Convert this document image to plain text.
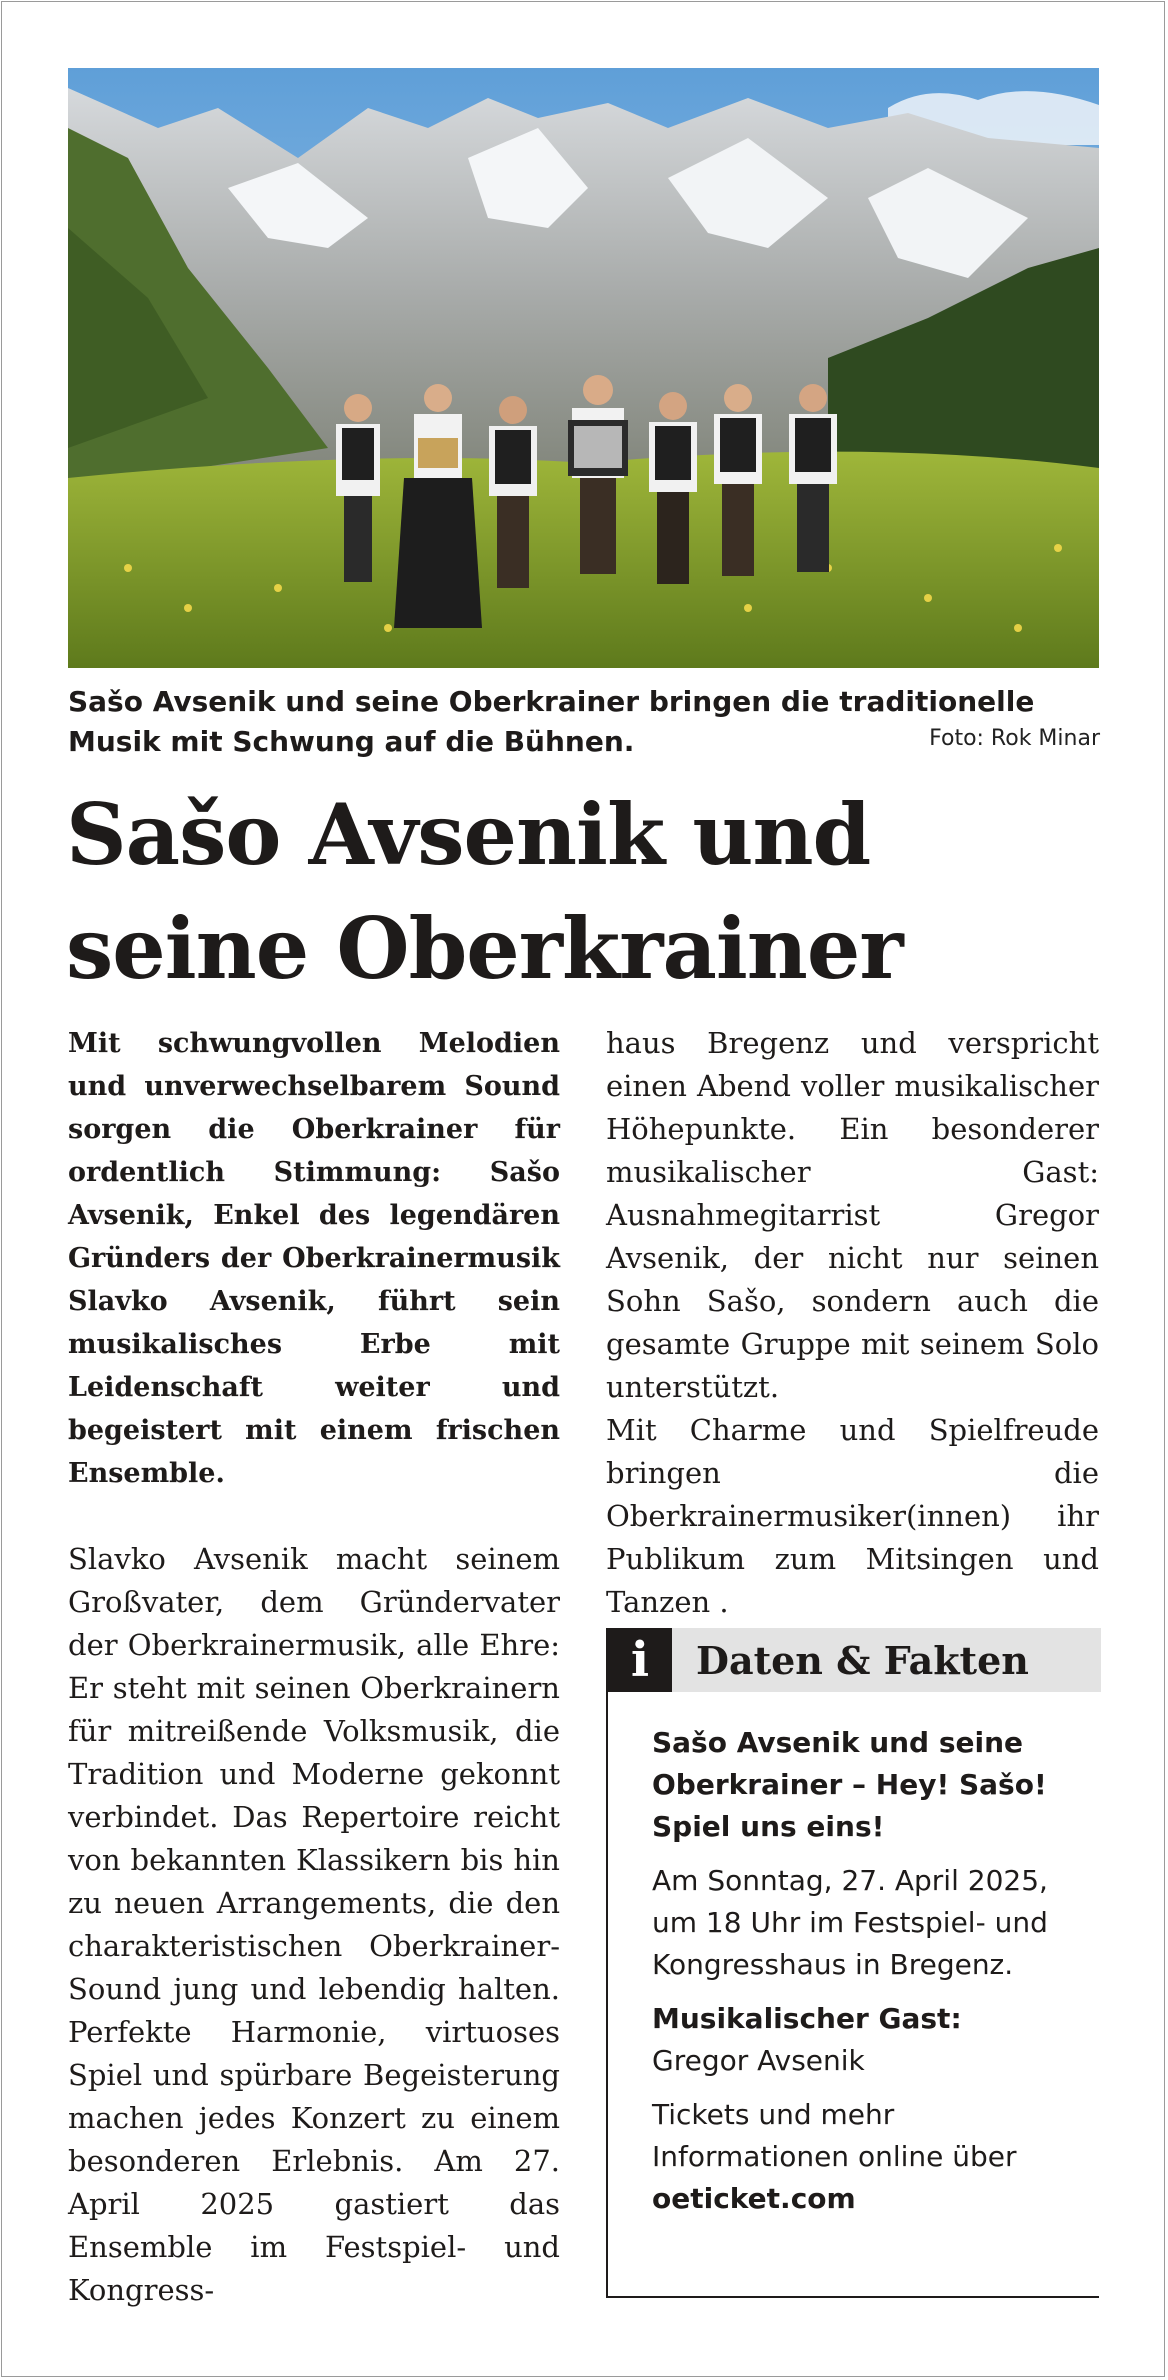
Sašo Avsenik und seine Oberkrainer bringen die traditionelle Musik mit Schwung auf die Bühnen.	Foto: Rok Minar
Sašo Avsenik und seine Oberkrainer

Mit schwungvollen Melodien und unverwechselbarem Sound sorgen die Oberkrainer für ordentlich Stimmung: Sašo Avsenik, Enkel des legendären Gründers der Oberkrainermusik Slavko Avsenik, führt sein musikalisches Erbe mit Leidenschaft weiter und begeistert mit einem frischen Ensemble.

Slavko Avsenik macht seinem Großvater, dem Gründervater der Oberkrainermusik, alle Ehre: Er steht mit seinen Oberkrainern für mitreißende Volksmusik, die Tradition und Moderne gekonnt verbindet. Das Repertoire reicht von bekannten Klassikern bis hin zu neuen Arrangements, die den charakteristischen Oberkrainer-Sound jung und lebendig halten. Perfekte Harmonie, virtuoses Spiel und spürbare Begeisterung machen jedes Konzert zu einem besonderen Erlebnis. Am 27. April 2025 gastiert das Ensemble im Festspiel- und Kongress-

haus Bregenz und verspricht einen Abend voller musikalischer Höhepunkte. Ein besonderer musikalischer Gast: Ausnahmegitarrist Gregor Avsenik, der nicht nur seinen Sohn Sašo, sondern auch die gesamte Gruppe mit seinem Solo unterstützt.

Mit Charme und Spielfreude bringen die Oberkrainermusiker(innen) ihr Publikum zum Mitsingen und Tanzen .

i	Daten & Fakten

Sašo Avsenik und seine Oberkrainer – Hey! Sašo! Spiel uns eins!

Am Sonntag, 27. April 2025, um 18 Uhr im Festspiel- und Kongresshaus in Bregenz.

Musikalischer Gast:
Gregor Avsenik

Tickets und mehr Informationen online über
oeticket.com
